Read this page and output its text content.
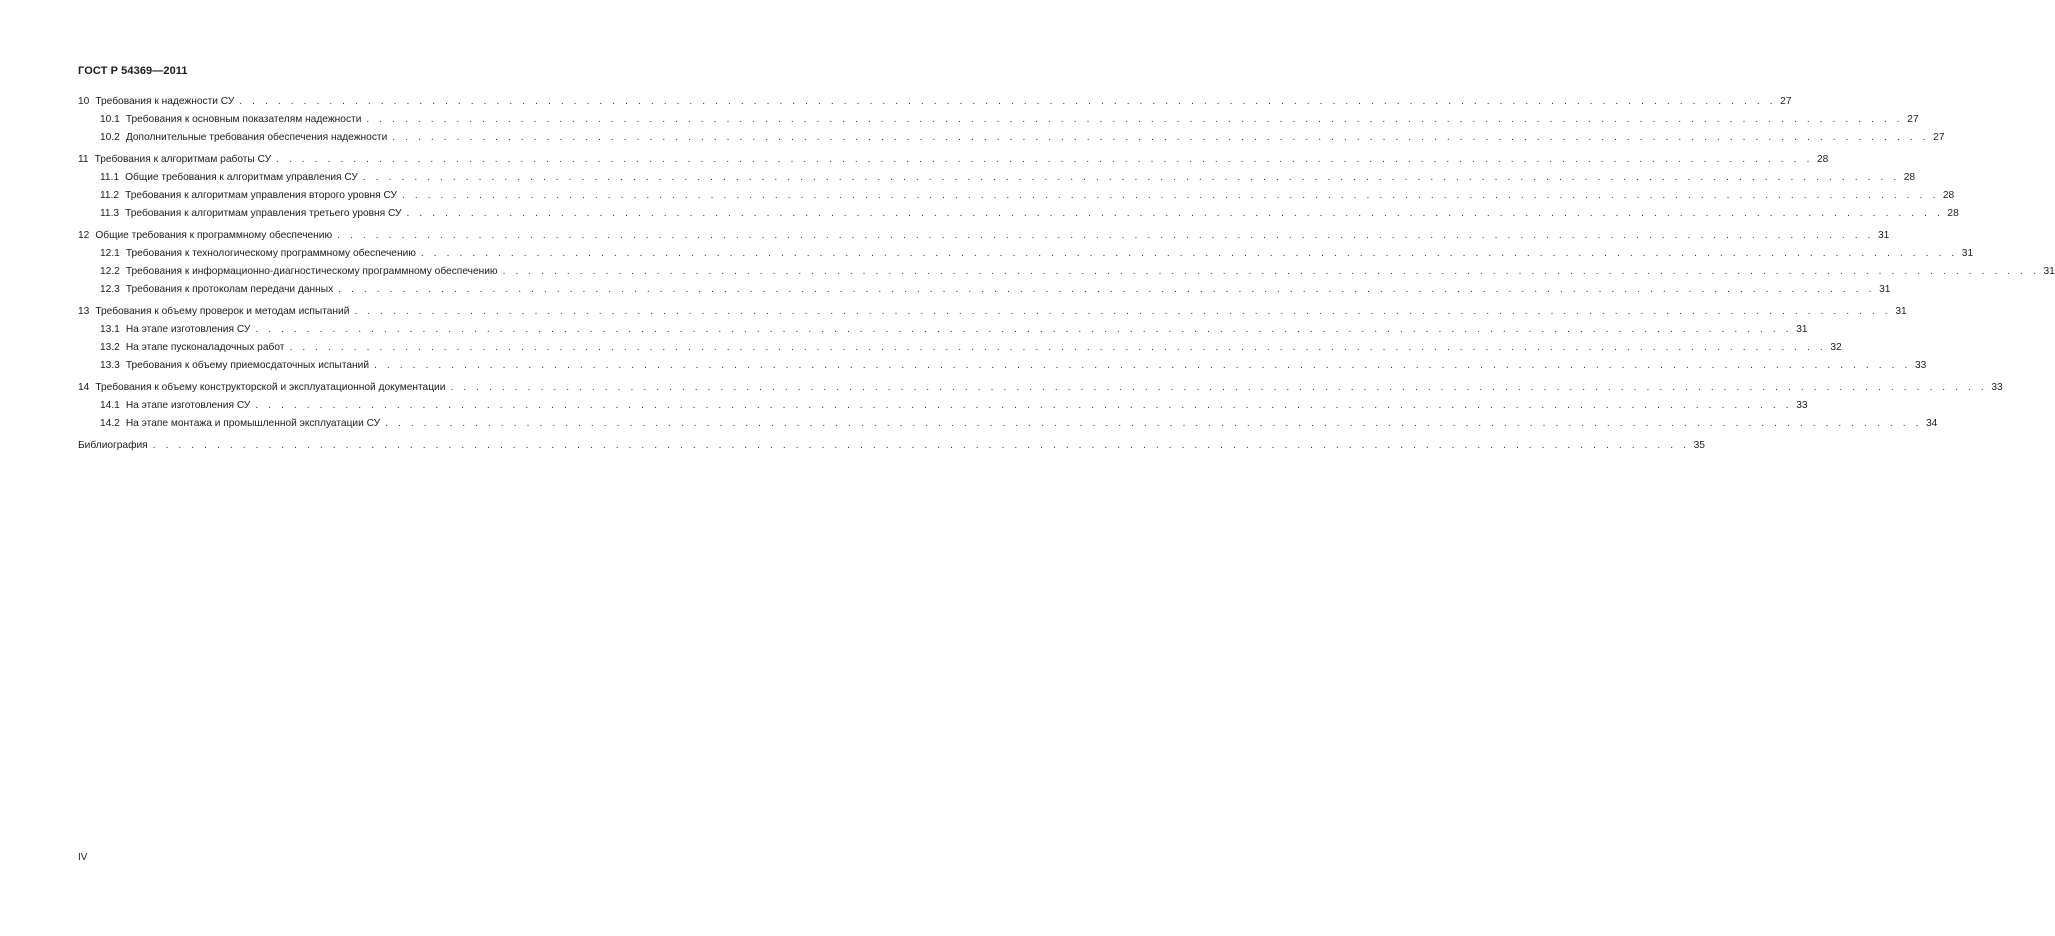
ГОСТ Р 54369—2011
10 Требования к надежности СУ . . . . . . . . . . . . . . . . . . . . . . . . . . . . . . . . . . . . . . . . . . . . . . . . . . . . . . . . . . . . . . . . . . . . . . . . . . . . . . . . . . . . . . . . . . . . . . . . . . . . . . . . . . . . . . . . . . . . . . . . 27
10.1 Требования к основным показателям надежности . . . . . . . . . . . . . . . . . . . . . . . . . . . . . . . . . . . . . . . . . . . . . . . . . . . . . . . . . . . . . . . . . . . . . . . . . . . . . . . . . . . . . . . . . . . . . . . . . . . . . . . . . . . . . . . . . . . . . . . . 27
10.2 Дополнительные требования обеспечения надежности . . . . . . . . . . . . . . . . . . . . . . . . . . . . . . . . . . . . . . . . . . . . . . . . . . . . . . . . . . . . . . . . . . . . . . . . . . . . . . . . . . . . . . . . . . . . . . . . . . . . . . . . . . . . . . . . . . . . . . . . 27
11 Требования к алгоритмам работы СУ . . . . . . . . . . . . . . . . . . . . . . . . . . . . . . . . . . . . . . . . . . . . . . . . . . . . . . . . . . . . . . . . . . . . . . . . . . . . . . . . . . . . . . . . . . . . . . . . . . . . . . . . . . . . . . . . . . . . . . . . 28
11.1 Общие требования к алгоритмам управления СУ . . . . . . . . . . . . . . . . . . . . . . . . . . . . . . . . . . . . . . . . . . . . . . . . . . . . . . . . . . . . . . . . . . . . . . . . . . . . . . . . . . . . . . . . . . . . . . . . . . . . . . . . . . . . . . . . . . . . . . . . 28
11.2 Требования к алгоритмам управления второго уровня СУ . . . . . . . . . . . . . . . . . . . . . . . . . . . . . . . . . . . . . . . . . . . . . . . . . . . . . . . . . . . . . . . . . . . . . . . . . . . . . . . . . . . . . . . . . . . . . . . . . . . . . . . . . . . . . . . . . . . . . . . . 28
11.3 Требования к алгоритмам управления третьего уровня СУ . . . . . . . . . . . . . . . . . . . . . . . . . . . . . . . . . . . . . . . . . . . . . . . . . . . . . . . . . . . . . . . . . . . . . . . . . . . . . . . . . . . . . . . . . . . . . . . . . . . . . . . . . . . . . . . . . . . . . . . . 28
12 Общие требования к программному обеспечению . . . . . . . . . . . . . . . . . . . . . . . . . . . . . . . . . . . . . . . . . . . . . . . . . . . . . . . . . . . . . . . . . . . . . . . . . . . . . . . . . . . . . . . . . . . . . . . . . . . . . . . . . . . . . . . . . . . . . . . . 31
12.1 Требования к технологическому программному обеспечению . . . . . . . . . . . . . . . . . . . . . . . . . . . . . . . . . . . . . . . . . . . . . . . . . . . . . . . . . . . . . . . . . . . . . . . . . . . . . . . . . . . . . . . . . . . . . . . . . . . . . . . . . . . . . . . . . . . . . . . . 31
12.2 Требования к информационно-диагностическому программному обеспечению . . . . . . . . . . . . . . . . . . . . . . . . . . . . . . . . . . . . . . . . . . . . . . . . . . . . . . . . . . . . . . . . . . . . . . . . . . . . . . . . . . . . . . . . . . . . . . . . . . . . . . . . . . . . . . . . . . . . . . . . 31
12.3 Требования к протоколам передачи данных . . . . . . . . . . . . . . . . . . . . . . . . . . . . . . . . . . . . . . . . . . . . . . . . . . . . . . . . . . . . . . . . . . . . . . . . . . . . . . . . . . . . . . . . . . . . . . . . . . . . . . . . . . . . . . . . . . . . . . . . 31
13 Требования к объему проверок и методам испытаний . . . . . . . . . . . . . . . . . . . . . . . . . . . . . . . . . . . . . . . . . . . . . . . . . . . . . . . . . . . . . . . . . . . . . . . . . . . . . . . . . . . . . . . . . . . . . . . . . . . . . . . . . . . . . . . . . . . . . . . . 31
13.1 На этапе изготовления СУ . . . . . . . . . . . . . . . . . . . . . . . . . . . . . . . . . . . . . . . . . . . . . . . . . . . . . . . . . . . . . . . . . . . . . . . . . . . . . . . . . . . . . . . . . . . . . . . . . . . . . . . . . . . . . . . . . . . . . . . . 31
13.2 На этапе пусконаладочных работ . . . . . . . . . . . . . . . . . . . . . . . . . . . . . . . . . . . . . . . . . . . . . . . . . . . . . . . . . . . . . . . . . . . . . . . . . . . . . . . . . . . . . . . . . . . . . . . . . . . . . . . . . . . . . . . . . . . . . . . . 32
13.3 Требования к объему приемосдаточных испытаний . . . . . . . . . . . . . . . . . . . . . . . . . . . . . . . . . . . . . . . . . . . . . . . . . . . . . . . . . . . . . . . . . . . . . . . . . . . . . . . . . . . . . . . . . . . . . . . . . . . . . . . . . . . . . . . . . . . . . . . . 33
14 Требования к объему конструкторской и эксплуатационной документации . . . . . . . . . . . . . . . . . . . . . . . . . . . . . . . . . . . . . . . . . . . . . . . . . . . . . . . . . . . . . . . . . . . . . . . . . . . . . . . . . . . . . . . . . . . . . . . . . . . . . . . . . . . . . . . . . . . . . . . . 33
14.1 На этапе изготовления СУ . . . . . . . . . . . . . . . . . . . . . . . . . . . . . . . . . . . . . . . . . . . . . . . . . . . . . . . . . . . . . . . . . . . . . . . . . . . . . . . . . . . . . . . . . . . . . . . . . . . . . . . . . . . . . . . . . . . . . . . . 33
14.2 На этапе монтажа и промышленной эксплуатации СУ . . . . . . . . . . . . . . . . . . . . . . . . . . . . . . . . . . . . . . . . . . . . . . . . . . . . . . . . . . . . . . . . . . . . . . . . . . . . . . . . . . . . . . . . . . . . . . . . . . . . . . . . . . . . . . . . . . . . . . . . 34
Библиография . . . . . . . . . . . . . . . . . . . . . . . . . . . . . . . . . . . . . . . . . . . . . . . . . . . . . . . . . . . . . . . . . . . . . . . . . . . . . . . . . . . . . . . . . . . . . . . . . . . . . . . . . . . . . . . . . . . . . . . . 35
IV
